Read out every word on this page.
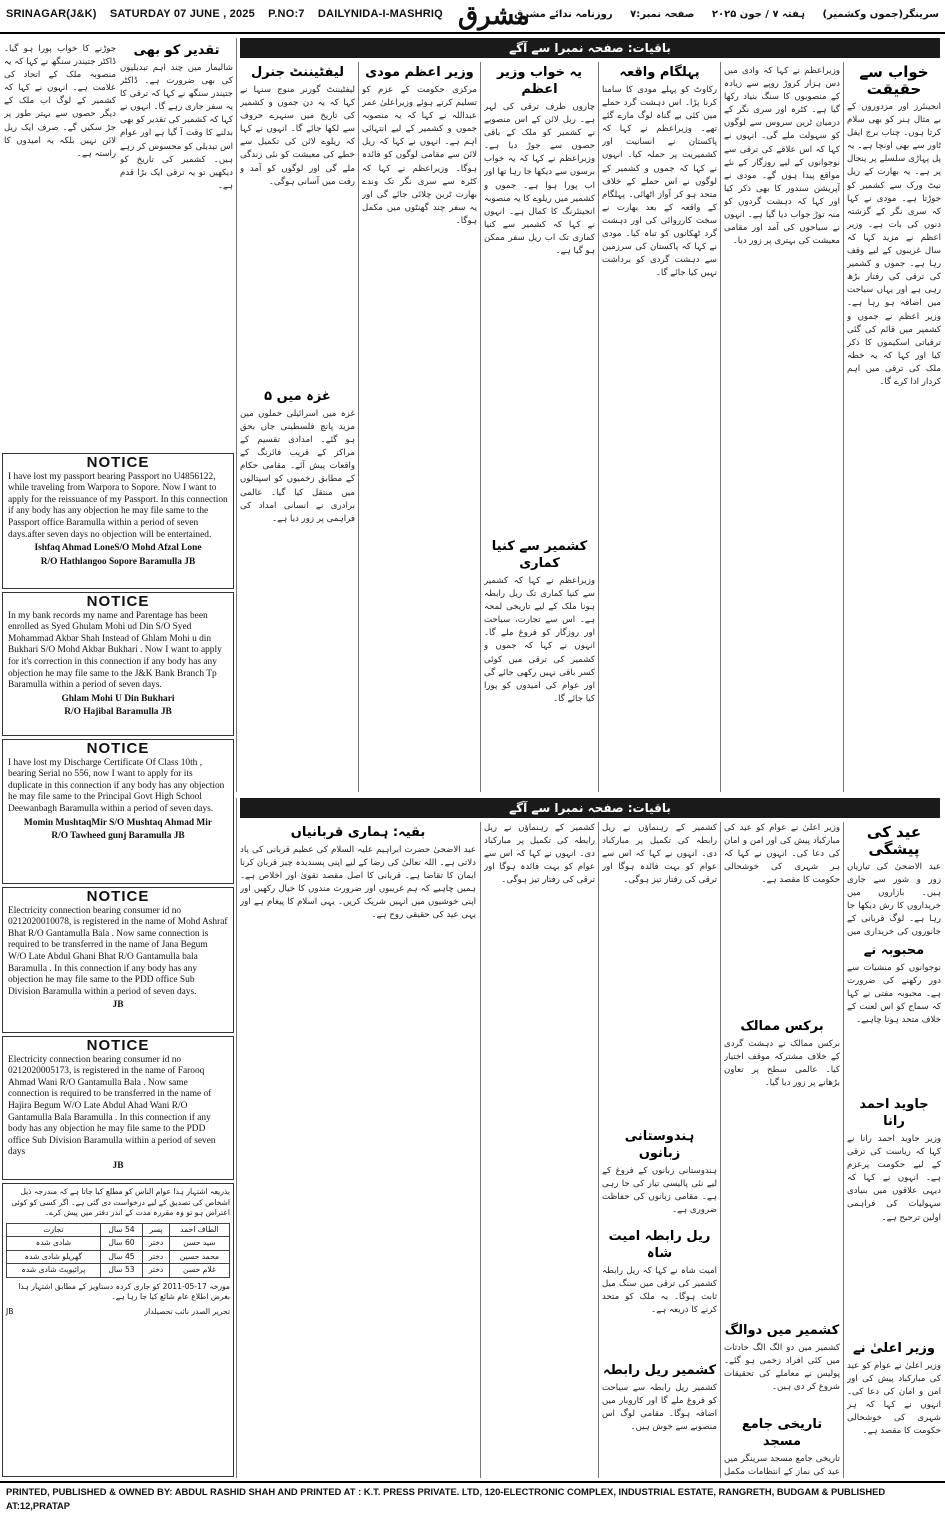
SRINAGAR(J&K) SATURDAY 07 JUNE , 2025 P.NO:7 DAILYNIDA-I-MASHRIQ مشرق	سرینگر(جموں وکشمیر) ہفتہ ۷ / جون ۲۰۲۵ صفحہ نمبر:۷ روزنامہ ندائے مشرق
باقیات: صفحہ نمبرا سے آگے
باقیات: صفحہ نمبرا سے آگے
خواب سے حقیقت

انجینئرز اور مزدوروں کے بے مثال ہنر کو بھی سلام کرتا ہوں۔ چناب برج ایفل ٹاور سے بھی اونچا ہے۔ یہ پل پہاڑی سلسلے پر پنجال پر ہے۔ یہ بھارت کے ریل نیٹ ورک سے کشمیر کو جوڑتا ہے۔ مودی نے کہا کہ سری نگر کے گزشتہ دنوں کی بات ہے۔ وزیر اعظم نے مزید کہا کہ سال غریبوں کے لیے وقف رہا ہے۔ جموں و کشمیر کی ترقی کی رفتار بڑھ رہی ہے اور یہاں سیاحت میں اضافہ ہو رہا ہے۔ وزیر اعظم نے جموں و کشمیر میں قائم کی گئی ترقیاتی اسکیموں کا ذکر کیا اور کہا کہ یہ خطہ ملک کی ترقی میں اہم کردار ادا کرے گا۔

وزیراعظم نے کہا کہ وادی میں دس ہزار کروڑ روپے سے زیادہ کے منصوبوں کا سنگ بنیاد رکھا گیا ہے۔ کٹرہ اور سری نگر کے درمیان ٹرین سروس سے لوگوں کو سہولت ملے گی۔ انہوں نے کہا کہ اس علاقے کی ترقی سے نوجوانوں کے لیے روزگار کے نئے مواقع پیدا ہوں گے۔ مودی نے آپریشن سندور کا بھی ذکر کیا اور کہا کہ دہشت گردوں کو منہ توڑ جواب دیا گیا ہے۔ انہوں نے سیاحوں کی آمد اور مقامی معیشت کی بہتری پر زور دیا۔

پہلگام واقعہ

رکاوٹ کو پہلے مودی کا سامنا کرنا پڑا۔ اس دہشت گرد حملے میں کئی بے گناہ لوگ مارے گئے تھے۔ وزیراعظم نے کہا کہ پاکستان نے انسانیت اور کشمیریت پر حملہ کیا۔ انہوں نے کہا کہ جموں و کشمیر کے لوگوں نے اس حملے کے خلاف متحد ہو کر آواز اٹھائی۔ پہلگام کے واقعہ کے بعد بھارت نے سخت کارروائی کی اور دہشت گرد ٹھکانوں کو تباہ کیا۔ مودی نے کہا کہ پاکستان کی سرزمین سے دہشت گردی کو برداشت نہیں کیا جائے گا۔

یہ خواب وزیر اعظم

چاروں طرف ترقی کی لہر ہے۔ ریل لائن کے اس منصوبے نے کشمیر کو ملک کے باقی حصوں سے جوڑ دیا ہے۔ وزیراعظم نے کہا کہ یہ خواب برسوں سے دیکھا جا رہا تھا اور اب پورا ہوا ہے۔ جموں و کشمیر میں ریلوے کا یہ منصوبہ انجینئرنگ کا کمال ہے۔ انہوں نے کہا کہ کشمیر سے کنیا کماری تک اب ریل سفر ممکن ہو گیا ہے۔

کشمیر سے کنیا کماری

وزیراعظم نے کہا کہ کشمیر سے کنیا کماری تک ریل رابطہ ہونا ملک کے لیے تاریخی لمحہ ہے۔ اس سے تجارت، سیاحت اور روزگار کو فروغ ملے گا۔ انہوں نے کہا کہ جموں و کشمیر کی ترقی میں کوئی کسر باقی نہیں رکھی جائے گی اور عوام کی امیدوں کو پورا کیا جائے گا۔

وزیر اعظم مودی

مرکزی حکومت کے عزم کو تسلیم کرتے ہوئے وزیراعلیٰ عمر عبداللہ نے کہا کہ یہ منصوبہ جموں و کشمیر کے لیے انتہائی اہم ہے۔ انہوں نے کہا کہ ریل لائن سے مقامی لوگوں کو فائدہ ہوگا۔ وزیراعظم نے کہا کہ کٹرہ سے سری نگر تک وندے بھارت ٹرین چلائی جائے گی اور یہ سفر چند گھنٹوں میں مکمل ہوگا۔

لیفٹیننٹ جنرل

لیفٹیننٹ گورنر منوج سنہا نے کہا کہ یہ دن جموں و کشمیر کی تاریخ میں سنہرے حروف سے لکھا جائے گا۔ انہوں نے کہا کہ ریلوے لائن کی تکمیل سے خطے کی معیشت کو نئی زندگی ملے گی اور لوگوں کو آمد و رفت میں آسانی ہوگی۔

غزہ میں ۵

غزہ میں اسرائیلی حملوں میں مزید پانچ فلسطینی جاں بحق ہو گئے۔ امدادی تقسیم کے مراکز کے قریب فائرنگ کے واقعات پیش آئے۔ مقامی حکام کے مطابق زخمیوں کو اسپتالوں میں منتقل کیا گیا۔ عالمی برادری نے انسانی امداد کی فراہمی پر زور دیا ہے۔

تقدیر کو بھی

شالیمار میں چند اہم تبدیلیوں کی بھی ضرورت ہے۔ ڈاکٹر جتیندر سنگھ نے کہا کہ ترقی کا یہ سفر جاری رہے گا۔ انہوں نے کہا کہ کشمیر کی تقدیر کو بھی بدلنے کا وقت آ گیا ہے اور عوام اس تبدیلی کو محسوس کر رہے ہیں۔ کشمیر کی تاریخ کو دیکھیں تو یہ ترقی ایک بڑا قدم ہے۔

جوڑنے کا خواب پورا ہو گیا۔ ڈاکٹر جتیندر سنگھ نے کہا کہ یہ منصوبہ ملک کے اتحاد کی علامت ہے۔ انہوں نے کہا کہ کشمیر کے لوگ اب ملک کے دیگر حصوں سے بہتر طور پر جڑ سکیں گے۔ صرف ایک ریل لائن نہیں بلکہ یہ امیدوں کا راستہ ہے۔

NOTICE
I have lost my passport bearing Passport no U4856122, while traveling from Warpora to Sopore. Now I want to apply for the reissuance of my Passport. In this connection if any body has any objection he may file same to the Passport office Baramulla within a period of seven days.after seven days no objection will be entertained.
Ishfaq Ahmad LoneS/O Mohd Afzal Lone
R/O Hathlangoo Sopore Baramulla JB
NOTICE
In my bank records my name and Parentage has been enrolled as Syed Ghulam Mohi ud Din S/O Syed Mohammad Akbar Shah Instead of Ghlam Mohi u din Bukhari S/O Mohd Akbar Bukhari . Now I want to apply for it's correction in this connection if any body has any objection he may file same to the J&K Bank Branch Tp Baramulla within a period of seven days.
Ghlam Mohi U Din Bukhari
R/O Hajibal Baramulla JB
NOTICE
I have lost my Discharge Certificate Of Class 10th , bearing Serial no 556, now I want to apply for its duplicate in this connection if any body has any objection he may file same to the Principal Govt High School Deewanbagh Baramulla within a period of seven days.
Momin MushtaqMir S/O Mushtaq Ahmad Mir
R/O Tawheed gunj Baramulla JB
NOTICE
Electricity connection bearing consumer id no 0212020010078, is registered in the name of Mohd Ashraf Bhat R/O Gantamulla Bala . Now same connection is required to be transferred in the name of Jana Begum W/O Late Abdul Ghani Bhat R/O Gantamulla bala Baramulla . In this connection if any body has any objection he may file same to the PDD office Sub Division Baramulla within a period of seven days.
JB
NOTICE
Electricity connection bearing consumer id no 0212020005173, is registered in the name of Farooq Ahmad Wani R/O Gantamulla Bala . Now same connection is required to be transferred in the name of Hajira Begum W/O Late Abdul Ahad Wani R/O Gantamulla Bala Baramulla . In this connection if any body has any objection he may file same to the PDD office Sub Division Baramulla within a period of seven days
JB

بذریعہ اشتہار ہذا عوام الناس کو مطلع کیا جاتا ہے کہ مندرجہ ذیل اشخاص کی تصدیق کے لیے درخواست دی گئی ہے۔ اگر کسی کو کوئی اعتراض ہو تو وہ مقررہ مدت کے اندر دفتر میں پیش کرے۔

الطاف احمد	پسر	54 سال	تجارت
سید حسن	دختر	60 سال	شادی شدہ
محمد حسین	دختر	45 سال	گھریلو شادی شدہ
غلام حسن	دختر	53 سال	پرائیویٹ شادی شدہ

مورخہ 17-05-2011 کو جاری کردہ دستاویز کے مطابق اشتہار ہذا بغرض اطلاع عام شائع کیا جا رہا ہے۔

تحریر الصدر نائب تحصیلدار
JB
عید کی پیشگی

عید الاضحیٰ کی تیاریاں زور و شور سے جاری ہیں۔ بازاروں میں خریداروں کا رش دیکھا جا رہا ہے۔ لوگ قربانی کے جانوروں کی خریداری میں

محبوبہ نے

نوجوانوں کو منشیات سے دور رکھنے کی ضرورت ہے۔ محبوبہ مفتی نے کہا کہ سماج کو اس لعنت کے خلاف متحد ہونا چاہیے۔

جاوید احمد رانا

وزیر جاوید احمد رانا نے کہا کہ ریاست کی ترقی کے لیے حکومت پرعزم ہے۔ انہوں نے کہا کہ دیہی علاقوں میں بنیادی سہولیات کی فراہمی اولین ترجیح ہے۔

وزیر اعلیٰ نے

وزیر اعلیٰ نے عوام کو عید کی مبارکباد پیش کی اور امن و امان کی دعا کی۔ انہوں نے کہا کہ ہر شہری کی خوشحالی حکومت کا مقصد ہے۔

وزیر اعلیٰ نے عوام کو عید کی مبارکباد پیش کی اور امن و امان کی دعا کی۔ انہوں نے کہا کہ ہر شہری کی خوشحالی حکومت کا مقصد ہے۔

برکس ممالک

برکس ممالک نے دہشت گردی کے خلاف مشترکہ موقف اختیار کیا۔ عالمی سطح پر تعاون بڑھانے پر زور دیا گیا۔

کشمیر میں دوالگ

کشمیر میں دو الگ الگ حادثات میں کئی افراد زخمی ہو گئے۔ پولیس نے معاملے کی تحقیقات شروع کر دی ہیں۔

تاریخی جامع مسجد

تاریخی جامع مسجد سرینگر میں عید کی نماز کے انتظامات مکمل

کشمیر کے رہنماؤں نے ریل رابطہ کی تکمیل پر مبارکباد دی۔ انہوں نے کہا کہ اس سے عوام کو بہت فائدہ ہوگا اور ترقی کی رفتار تیز ہوگی۔

ہندوستانی زبانوں

ہندوستانی زبانوں کے فروغ کے لیے نئی پالیسی تیار کی جا رہی ہے۔ مقامی زبانوں کی حفاظت ضروری ہے۔

ریل رابطہ امیت شاہ

امیت شاہ نے کہا کہ ریل رابطہ کشمیر کی ترقی میں سنگ میل ثابت ہوگا۔ یہ ملک کو متحد کرنے کا ذریعہ ہے۔

کشمیر ریل رابطہ

کشمیر ریل رابطہ سے سیاحت کو فروغ ملے گا اور کاروبار میں اضافہ ہوگا۔ مقامی لوگ اس منصوبے سے خوش ہیں۔

کشمیر کے رہنماؤں نے ریل رابطہ کی تکمیل پر مبارکباد دی۔ انہوں نے کہا کہ اس سے عوام کو بہت فائدہ ہوگا اور ترقی کی رفتار تیز ہوگی۔

بقیہ: ہماری قربانیاں

عید الاضحیٰ حضرت ابراہیم علیہ السلام کی عظیم قربانی کی یاد دلاتی ہے۔ اللہ تعالیٰ کی رضا کے لیے اپنی پسندیدہ چیز قربان کرنا ایمان کا تقاضا ہے۔ قربانی کا اصل مقصد تقویٰ اور اخلاص ہے۔ ہمیں چاہیے کہ ہم غریبوں اور ضرورت مندوں کا خیال رکھیں اور اپنی خوشیوں میں انہیں شریک کریں۔ یہی اسلام کا پیغام ہے اور یہی عید کی حقیقی روح ہے۔

PRINTED, PUBLISHED & OWNED BY: ABDUL RASHID SHAH AND PRINTED AT : K.T. PRESS PRIVATE. LTD, 120-ELECTRONIC COMPLEX, INDUSTRIAL ESTATE, RANGRETH, BUDGAM & PUBLISHED AT:12,PRATAP
